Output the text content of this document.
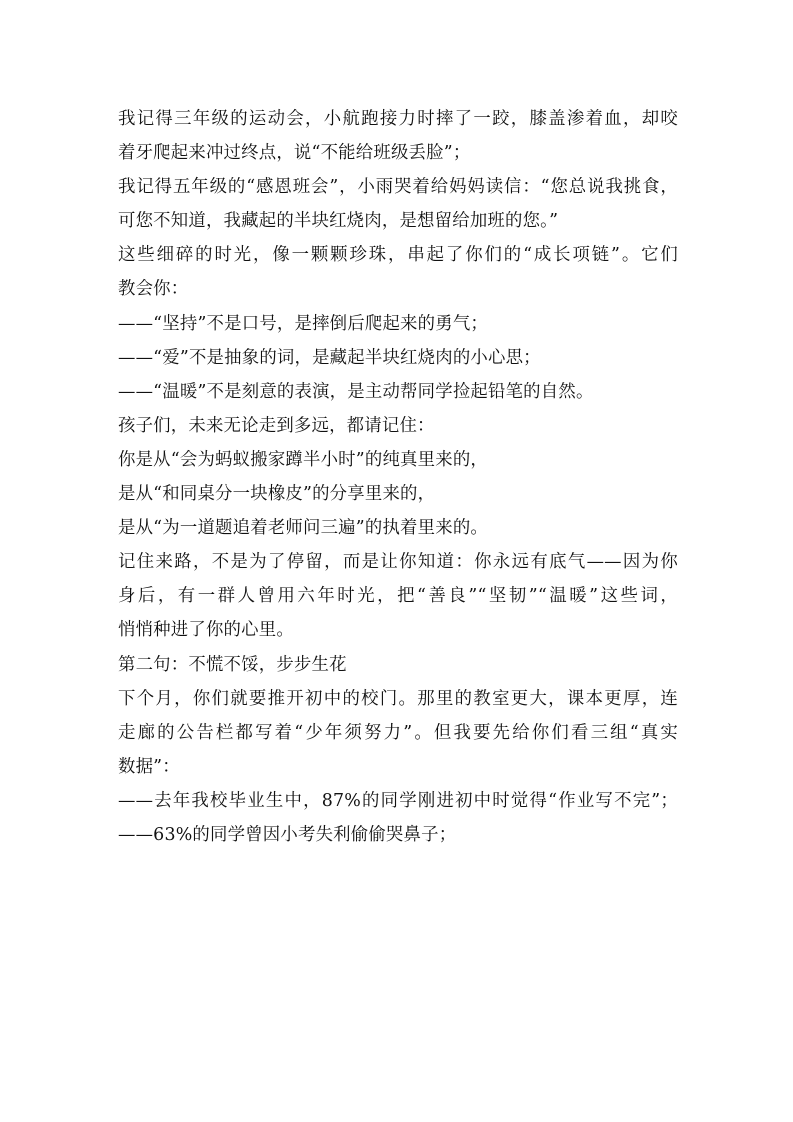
我记得三年级的运动会，小航跑接力时摔了一跤，膝盖渗着血，却咬

着牙爬起来冲过终点，说“不能给班级丢脸”；

我记得五年级的“感恩班会”，小雨哭着给妈妈读信：“您总说我挑食，

可您不知道，我藏起的半块红烧肉，是想留给加班的您。”

这些细碎的时光，像一颗颗珍珠，串起了你们的“成长项链”。它们

教会你：

——“坚持”不是口号，是摔倒后爬起来的勇气；

——“爱”不是抽象的词，是藏起半块红烧肉的小心思；

——“温暖”不是刻意的表演，是主动帮同学捡起铅笔的自然。

孩子们，未来无论走到多远，都请记住：

你是从“会为蚂蚁搬家蹲半小时”的纯真里来的，

是从“和同桌分一块橡皮”的分享里来的，

是从“为一道题追着老师问三遍”的执着里来的。

记住来路，不是为了停留，而是让你知道：你永远有底气——因为你

身后，有一群人曾用六年时光，把“善良”“坚韧”“温暖”这些词，

悄悄种进了你的心里。

第二句：不慌不馁，步步生花

下个月，你们就要推开初中的校门。那里的教室更大，课本更厚，连

走廊的公告栏都写着“少年须努力”。但我要先给你们看三组“真实

数据”：

——去年我校毕业生中，87%的同学刚进初中时觉得“作业写不完”；

——63%的同学曾因小考失利偷偷哭鼻子；
